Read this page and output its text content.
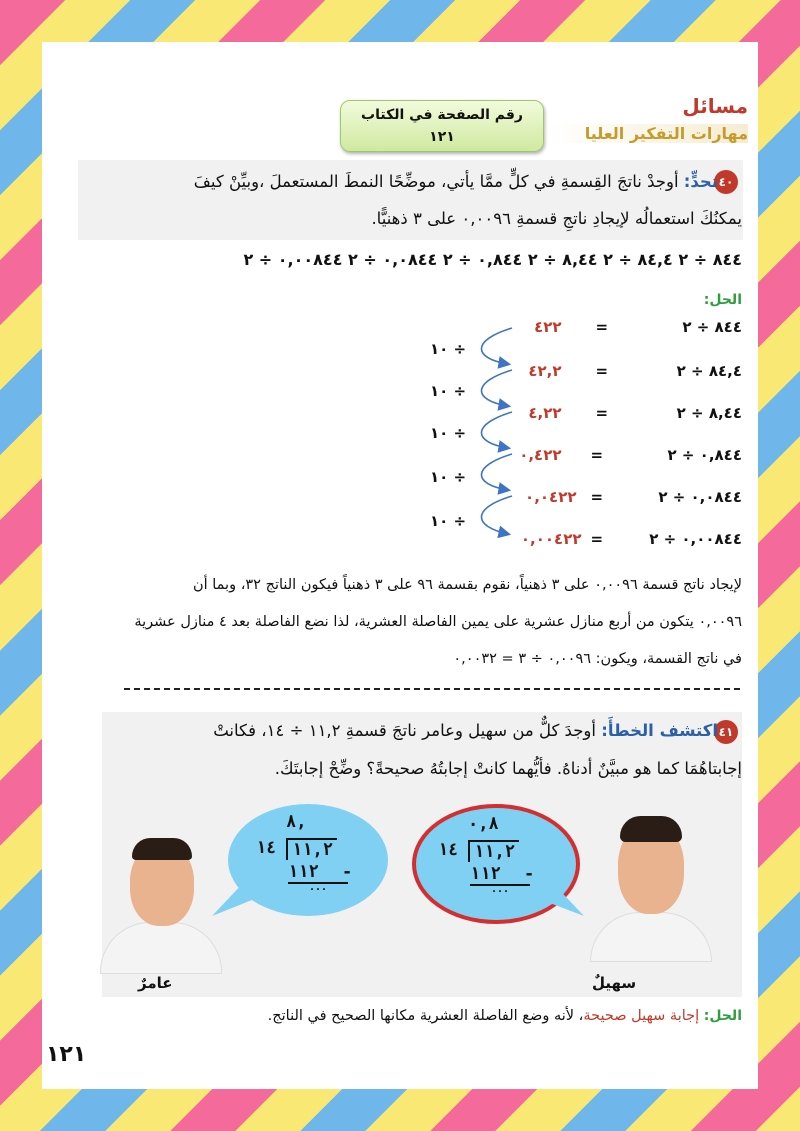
رقم الصفحة في الكتاب
١٢١
مسائل
مهارات التفكير العليا
٤٠
تحدٍّ: أوجدْ ناتجَ القِسمةِ في كلٍّ ممَّا يأتي، موضِّحًا النمطَ المستعملَ ،وبيِّنْ كيفَ
يمكنُكَ استعمالُه لإيجادِ ناتجِ قسمةِ ٠,٠٠٩٦ على ٣ ذهنيًّا.
٨٤٤ ÷ ٢ ٨٤,٤ ÷ ٢ ٨,٤٤ ÷ ٢ ٠,٨٤٤ ÷ ٢ ٠,٠٨٤٤ ÷ ٢ ٠,٠٠٨٤٤ ÷ ٢
الحل:
٨٤٤ ÷ ٢ = ٤٢٢
٨٤,٤ ÷ ٢ = ٤٢,٢
٨,٤٤ ÷ ٢ = ٤,٢٢
٠,٨٤٤ ÷ ٢ = ٠,٤٢٢
٠,٠٨٤٤ ÷ ٢ = ٠,٠٤٢٢
٠,٠٠٨٤٤ ÷ ٢ = ٠,٠٠٤٢٢
÷ ١٠
÷ ١٠
÷ ١٠
÷ ١٠
÷ ١٠
لإيجاد ناتج قسمة ٠,٠٠٩٦ على ٣ ذهنياً، نقوم بقسمة ٩٦ على ٣ ذهنياً فيكون الناتج ٣٢، وبما أن
٠,٠٠٩٦ يتكون من أربع منازل عشرية على يمين الفاصلة العشرية، لذا نضع الفاصلة بعد ٤ منازل عشرية
في ناتج القسمة، ويكون: ٠,٠٠٩٦ ÷ ٣ = ٠,٠٠٣٢
٤١
اكتشف الخطأَ: أوجدَ كلٌّ من سهيل وعامر ناتجَ قسمةِ ١١,٢ ÷ ١٤، فكانتْ
إجابتاهُمَا كما هو مبيَّنٌ أدناهُ. فأيُّهما كانتْ إجابتُهُ صحيحةً؟ وضِّحْ إجابتَكَ.
٨,
١٤ ١١,٢
١١٢ -
٠٠٠
عامرٌ
٠,٨
١٤ ١١,٢
١١٢ -
٠٠٠
سهيلٌ
الحل: إجابة سهيل صحيحة، لأنه وضع الفاصلة العشرية مكانها الصحيح في الناتج.
١٢١
